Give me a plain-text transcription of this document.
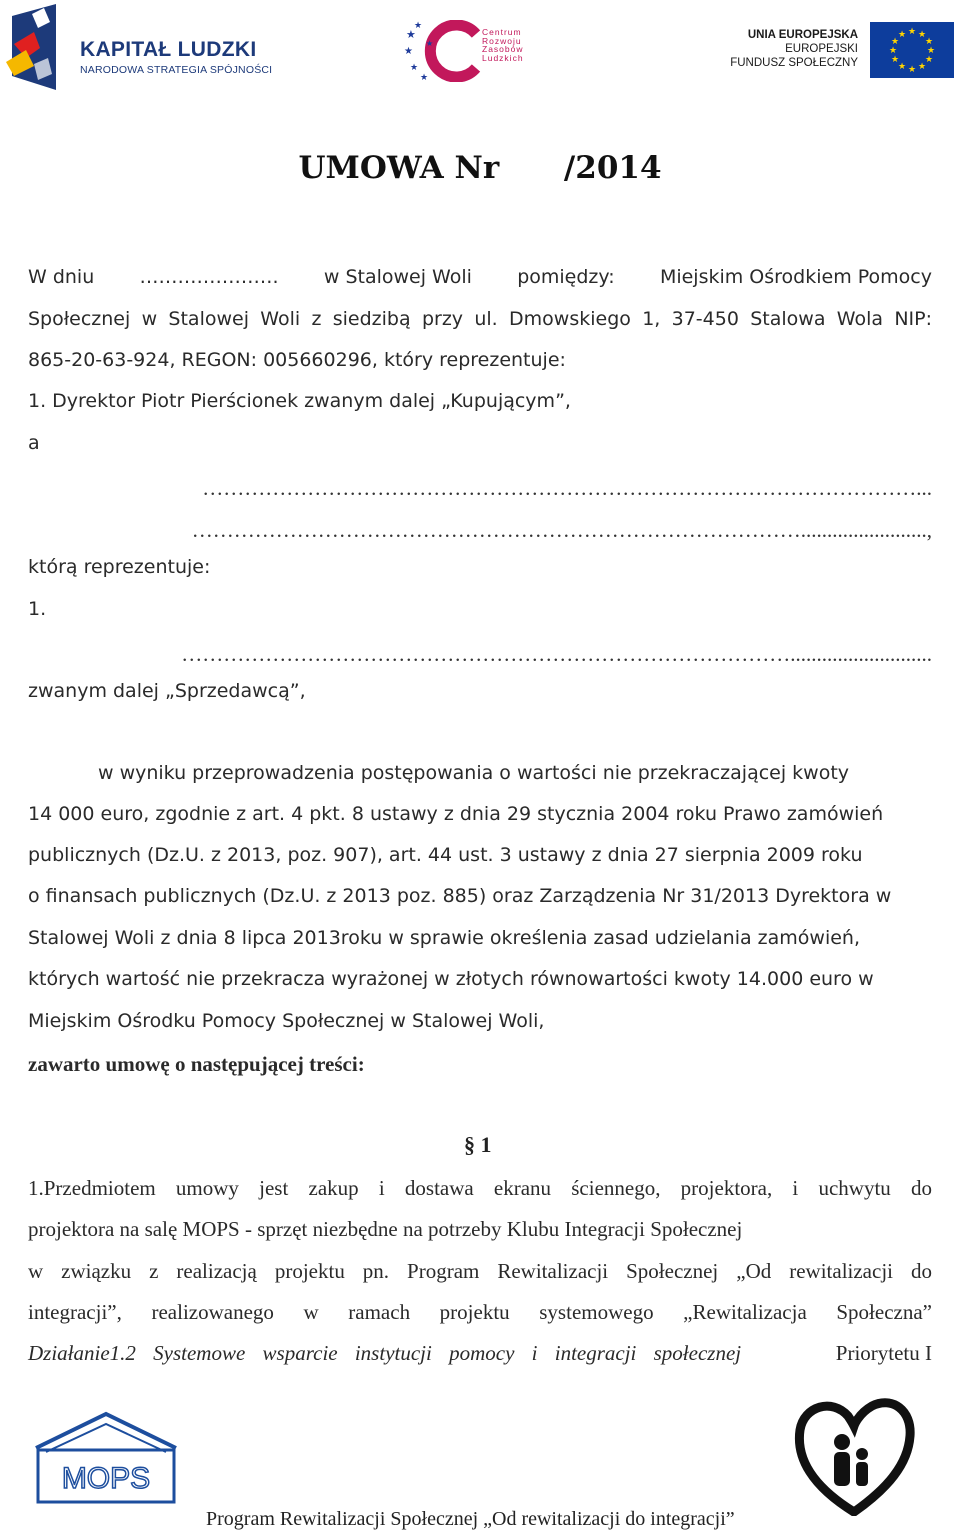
KAPITAŁ LUDZKI
NARODOWA STRATEGIA SPÓJNOŚCI
★
★
★
★
★
★
Centrum
Rozwoju
Zasobów
Ludzkich
UNIA EUROPEJSKA
EUROPEJSKI
FUNDUSZ SPOŁECZNY
★ ★
★
★
★
★
★
★
★
★
★
★
UMOWA Nr      /2014
W dniu …………………. w Stalowej Woli pomiędzy: Miejskim Ośrodkiem Pomocy
Społecznej w Stalowej Woli z siedzibą przy ul. Dmowskiego 1, 37-450 Stalowa Wola NIP:
865-20-63-924, REGON: 005660296, który reprezentuje:
1. Dyrektor Piotr Pierścionek zwanym dalej „Kupującym”,
a
…………………………………………………………………………………………...
……………………………………………………………………………........................,
którą reprezentuje:
1.
……………………………………………………………………………...........................
zwanym dalej „Sprzedawcą”,
w wyniku przeprowadzenia postępowania o wartości nie przekraczającej kwoty
14 000 euro, zgodnie z art. 4 pkt. 8 ustawy z dnia 29 stycznia 2004 roku Prawo zamówień
publicznych (Dz.U. z 2013, poz. 907), art. 44 ust. 3 ustawy z dnia 27 sierpnia 2009 roku
o finansach publicznych (Dz.U. z 2013 poz. 885) oraz Zarządzenia Nr 31/2013 Dyrektora w
Stalowej Woli z dnia 8 lipca 2013roku w sprawie określenia zasad udzielania zamówień,
których wartość nie przekracza wyrażonej w złotych równowartości kwoty 14.000 euro w
Miejskim Ośrodku Pomocy Społecznej w Stalowej Woli,
zawarto umowę o następującej treści:
§ 1
1.Przedmiotem umowy jest zakup i dostawa ekranu ściennego, projektora, i uchwytu do
projektora na salę MOPS - sprzęt niezbędne na potrzeby Klubu Integracji Społecznej
w związku z realizacją projektu pn. Program Rewitalizacji Społecznej „Od rewitalizacji do
integracji”, realizowanego w ramach projektu systemowego „Rewitalizacja Społeczna”
Działanie1.2 Systemowe wsparcie instytucji pomocy i integracji społecznej	Priorytetu I
MOPS
Program Rewitalizacji Społecznej „Od rewitalizacji do integracji”
